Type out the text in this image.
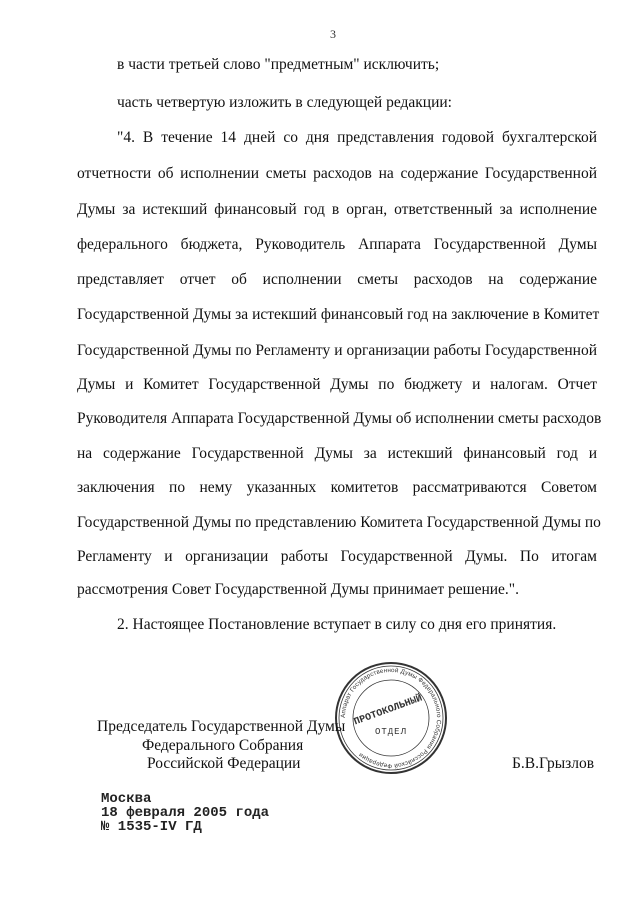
3
в части третьей слово "предметным" исключить;
часть четвертую изложить в следующей редакции:
"4. В течение 14 дней со дня представления годовой бухгалтерской
отчетности об исполнении сметы расходов на содержание Государственной
Думы за истекший финансовый год в орган, ответственный за исполнение
федерального бюджета, Руководитель Аппарата Государственной Думы
представляет отчет об исполнении сметы расходов на содержание
Государственной Думы за истекший финансовый год на заключение в Комитет
Государственной Думы по Регламенту и организации работы Государственной
Думы и Комитет Государственной Думы по бюджету и налогам. Отчет
Руководителя Аппарата Государственной Думы об исполнении сметы расходов
на содержание Государственной Думы за истекший финансовый год и
заключения по нему указанных комитетов рассматриваются Советом
Государственной Думы по представлению Комитета Государственной Думы по
Регламенту и организации работы Государственной Думы. По итогам
рассмотрения Совет Государственной Думы принимает решение.".
2. Настоящее Постановление вступает в силу со дня его принятия.
Аппарат Государственной Думы Федерального Собрания Российской Федерации
ПРОТОКОЛЬНЫЙ
ОТДЕЛ
Председатель Государственной Думы
Федерального Собрания
Российской Федерации	Б.В.Грызлов
Москва
18 февраля 2005 года
№ 1535-IV ГД
